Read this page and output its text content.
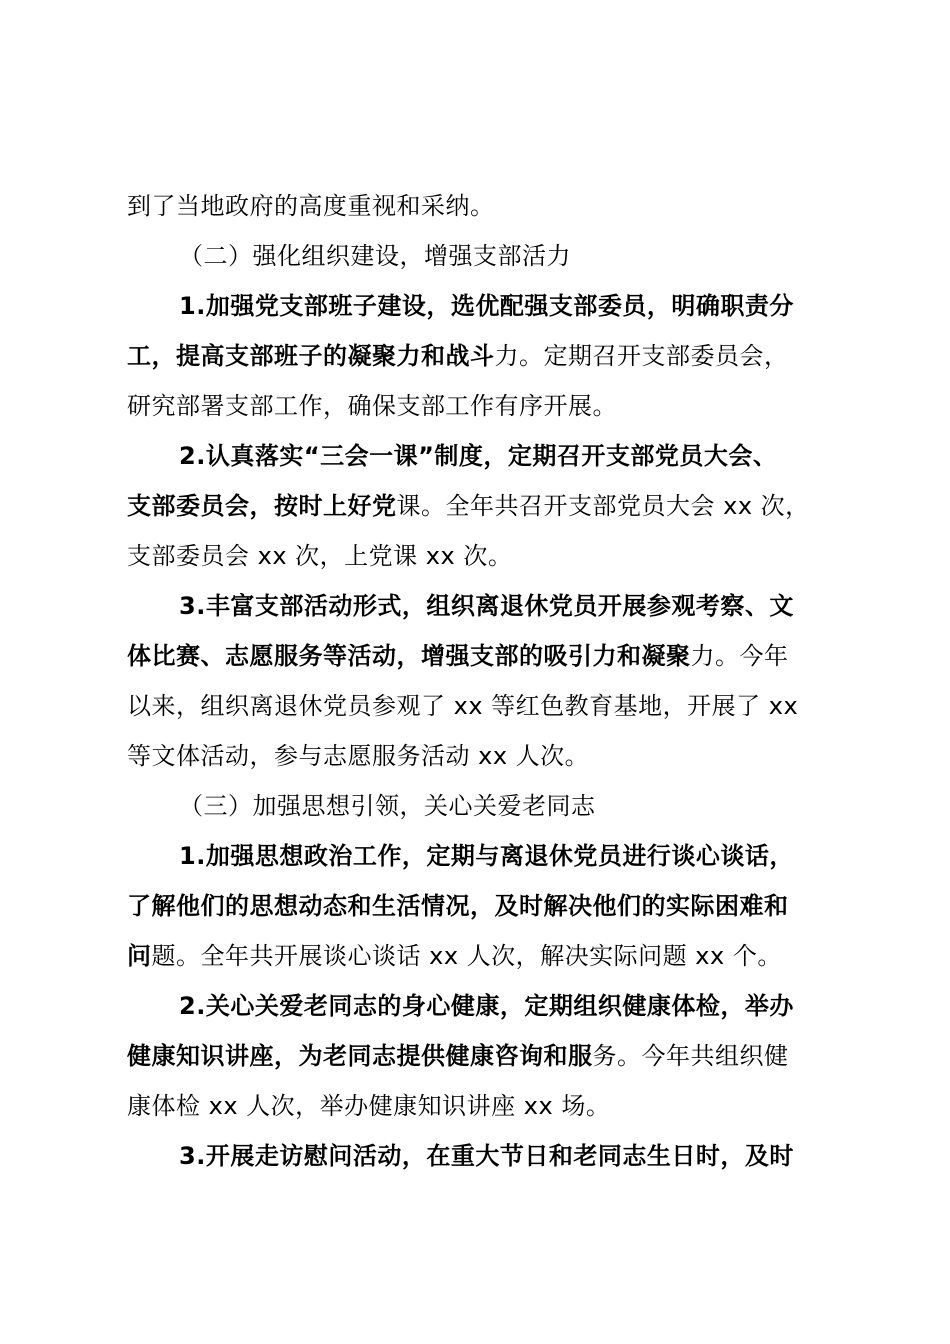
到了当地政府的高度重视和采纳。
（二）强化组织建设，增强支部活力
1.加强党支部班子建设，选优配强支部委员，明确职责分
工，提高支部班子的凝聚力和战斗力。定期召开支部委员会，
研究部署支部工作，确保支部工作有序开展。
2.认真落实“三会一课”制度，定期召开支部党员大会、
支部委员会，按时上好党课。全年共召开支部党员大会 xx 次，
支部委员会 xx 次，上党课 xx 次。
3.丰富支部活动形式，组织离退休党员开展参观考察、文
体比赛、志愿服务等活动，增强支部的吸引力和凝聚力。今年
以来，组织离退休党员参观了 xx 等红色教育基地，开展了 xx
等文体活动，参与志愿服务活动 xx 人次。
（三）加强思想引领，关心关爱老同志
1.加强思想政治工作，定期与离退休党员进行谈心谈话，
了解他们的思想动态和生活情况，及时解决他们的实际困难和
问题。全年共开展谈心谈话 xx 人次，解决实际问题 xx 个。
2.关心关爱老同志的身心健康，定期组织健康体检，举办
健康知识讲座，为老同志提供健康咨询和服务。今年共组织健
康体检 xx 人次，举办健康知识讲座 xx 场。
3.开展走访慰问活动，在重大节日和老同志生日时，及时
